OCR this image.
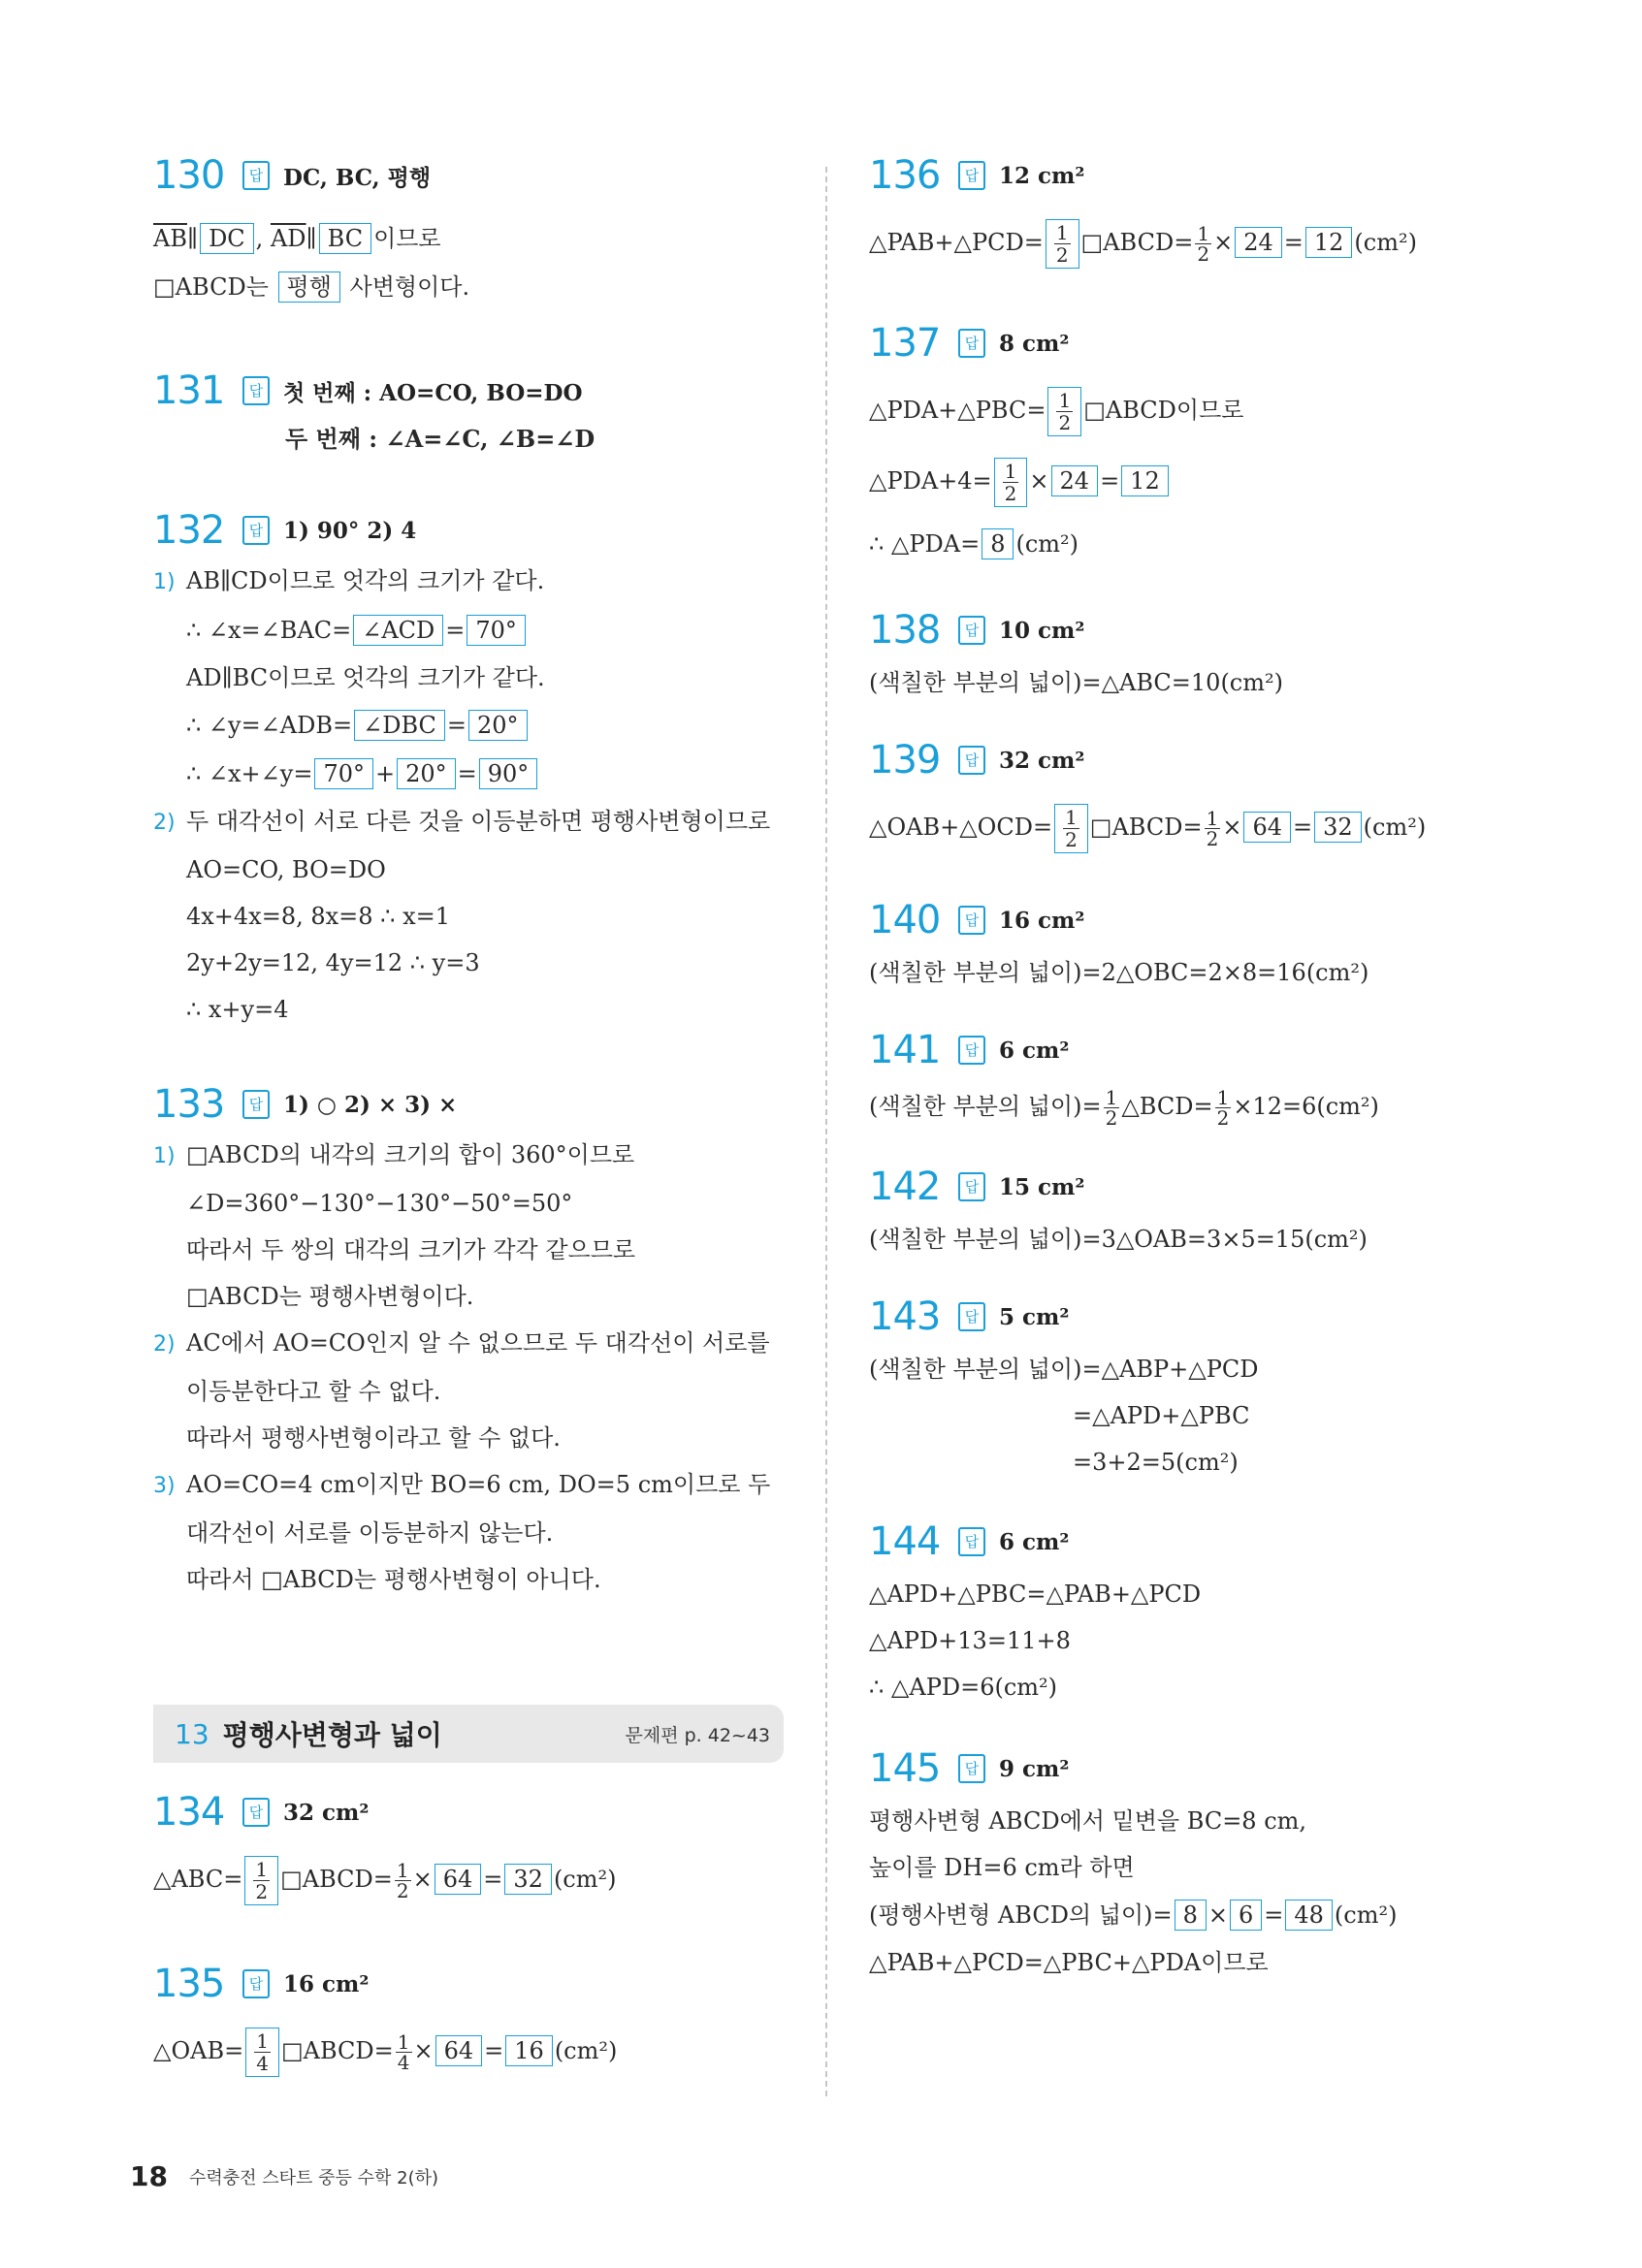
130	답 DC, BC, 평행
$\overline{AB}\parallel$ DC , $\overline{AD}\parallel$ BC 이므로
□ABCD는 평행 사변형이다.
131	답 첫 번째 : AO=CO, BO=DO
두 번째 : ∠A=∠C, ∠B=∠D
132	답 1) 90° 2) 4
1) AB∥CD이므로 엇각의 크기가 같다.
∴ ∠x=∠BAC= ∠ACD = 70°
AD∥BC이므로 엇각의 크기가 같다.
∴ ∠y=∠ADB= ∠DBC = 20°
∴ ∠x+∠y= 70° + 20° = 90°
2) 두 대각선이 서로 다른 것을 이등분하면 평행사변형이므로
AO=CO, BO=DO
4x+4x=8, 8x=8 ∴ x=1
2y+2y=12, 4y=12 ∴ y=3
∴ x+y=4
133	답 1) ○ 2) × 3) ×
1) □ABCD의 내각의 크기의 합이 360°이므로
∠D=360°−130°−130°−50°=50°
따라서 두 쌍의 대각의 크기가 각각 같으므로
□ABCD는 평행사변형이다.
2) AC에서 AO=CO인지 알 수 없으므로 두 대각선이 서로를
이등분한다고 할 수 없다.
따라서 평행사변형이라고 할 수 없다.
3) AO=CO=4 cm이지만 BO=6 cm, DO=5 cm이므로 두
대각선이 서로를 이등분하지 않는다.
따라서 □ABCD는 평행사변형이 아니다.
13 평행사변형과 넓이	문제편 p. 42~43
134	답 32 cm²
△ABC= $\frac{1}{2}$ □ABCD= $\frac{1}{2} \times 64 = 32$ (cm²)
135	답 16 cm²
△OAB= $\frac{1}{4}$ □ABCD= $\frac{1}{4} \times 64 = 16$ (cm²)
136	답 12 cm²
△PAB+△PCD= $\frac{1}{2}$ □ABCD= $\frac{1}{2} \times 24 = 12$ (cm²)
137	답 8 cm²
△PDA+△PBC= $\frac{1}{2}$ □ABCD이므로
△PDA+4= $\frac{1}{2} \times 24 = 12$
∴ △PDA= 8 (cm²)
138	답 10 cm²
(색칠한 부분의 넓이)=△ABC=10(cm²)
139	답 32 cm²
△OAB+△OCD= $\frac{1}{2}$ □ABCD= $\frac{1}{2} \times 64 = 32$ (cm²)
140	답 16 cm²
(색칠한 부분의 넓이)=2△OBC=2×8=16(cm²)
141	답 6 cm²
(색칠한 부분의 넓이)= $\frac{1}{2}$ △BCD= $\frac{1}{2} \times 12=6(cm^2)$
142	답 15 cm²
(색칠한 부분의 넓이)=3△OAB=3×5=15(cm²)
143	답 5 cm²
(색칠한 부분의 넓이)=△ABP+△PCD
=△APD+△PBC
=3+2=5(cm²)
144	답 6 cm²
△APD+△PBC=△PAB+△PCD
△APD+13=11+8
∴ △APD=6(cm²)
145	답 9 cm²
평행사변형 ABCD에서 밑변을 BC=8 cm,
높이를 DH=6 cm라 하면
(평행사변형 ABCD의 넓이)= 8 × 6 = 48 (cm²)
△PAB+△PCD=△PBC+△PDA이므로
18 수력충전 스타트 중등 수학 2(하)
